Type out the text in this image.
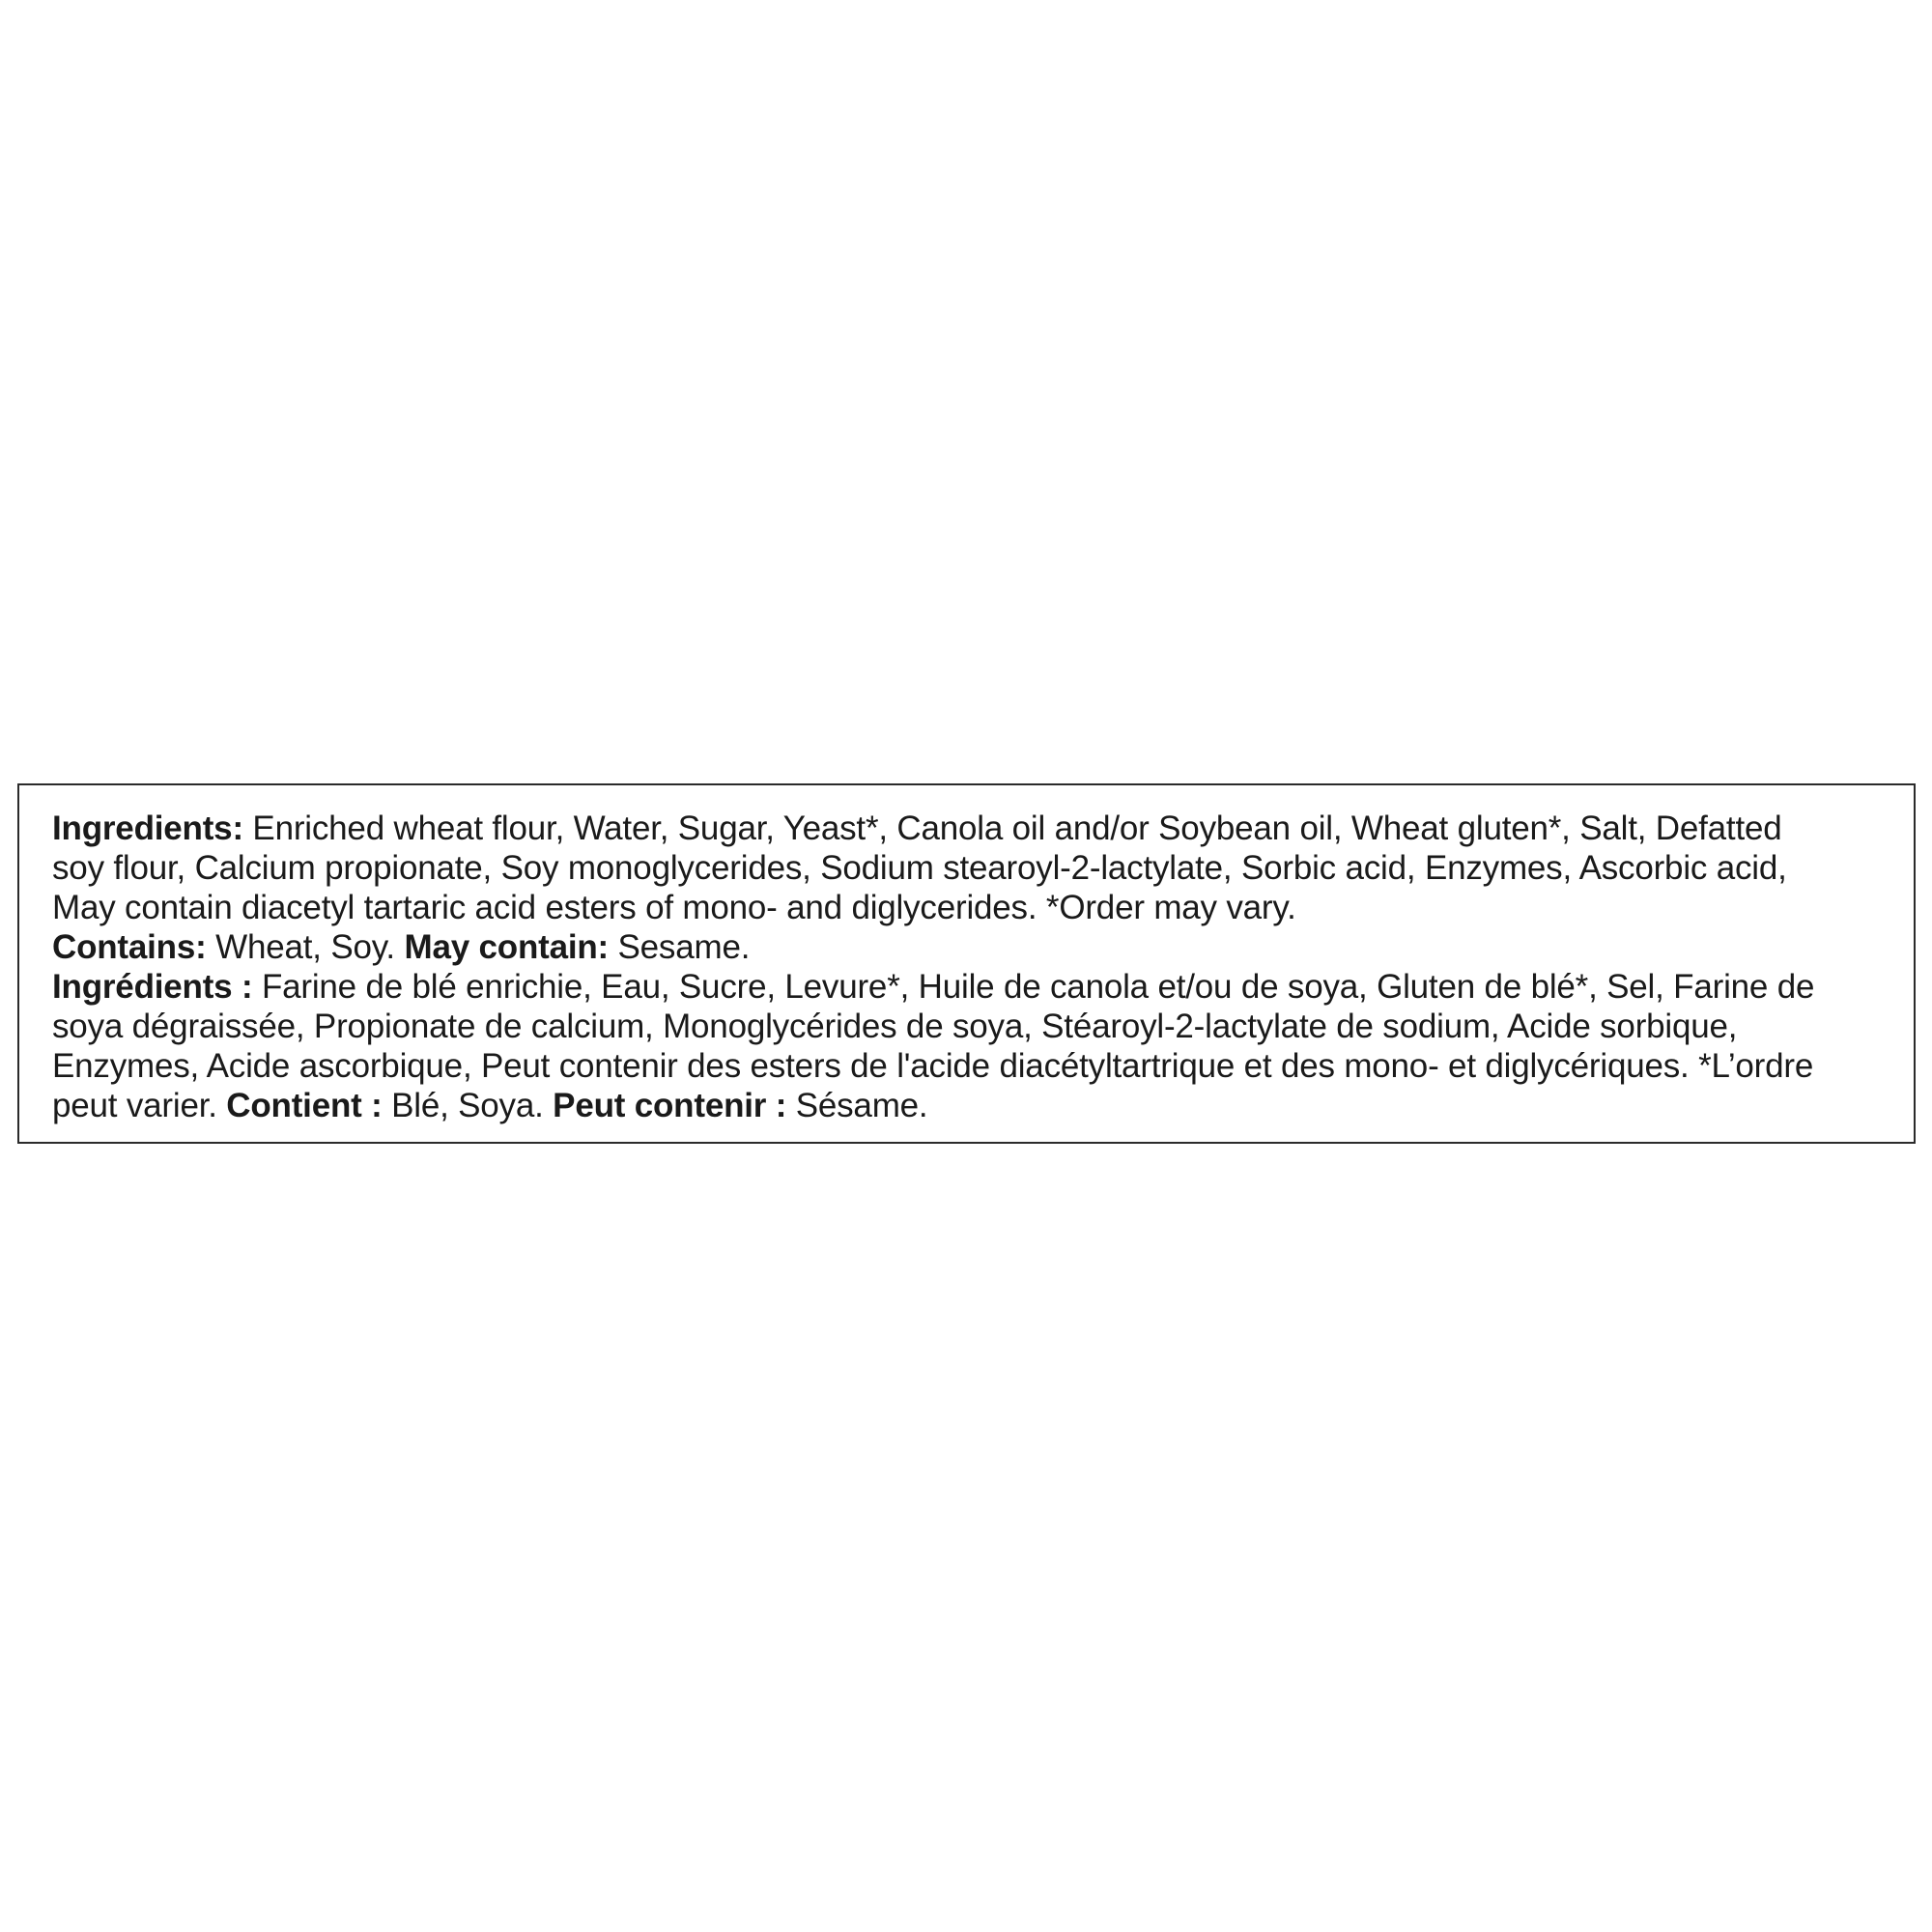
Ingredients: Enriched wheat flour, Water, Sugar, Yeast*, Canola oil and/or Soybean oil, Wheat gluten*, Salt, Defatted
soy flour, Calcium propionate, Soy monoglycerides, Sodium stearoyl-2-lactylate, Sorbic acid, Enzymes, Ascorbic acid,
May contain diacetyl tartaric acid esters of mono- and diglycerides. *Order may vary.
Contains: Wheat, Soy. May contain: Sesame.
Ingrédients : Farine de blé enrichie, Eau, Sucre, Levure*, Huile de canola et/ou de soya, Gluten de blé*, Sel, Farine de
soya dégraissée, Propionate de calcium, Monoglycérides de soya, Stéaroyl-2-lactylate de sodium, Acide sorbique,
Enzymes, Acide ascorbique, Peut contenir des esters de l'acide diacétyltartrique et des mono- et diglycériques. *L’ordre
peut varier. Contient : Blé, Soya. Peut contenir : Sésame.
